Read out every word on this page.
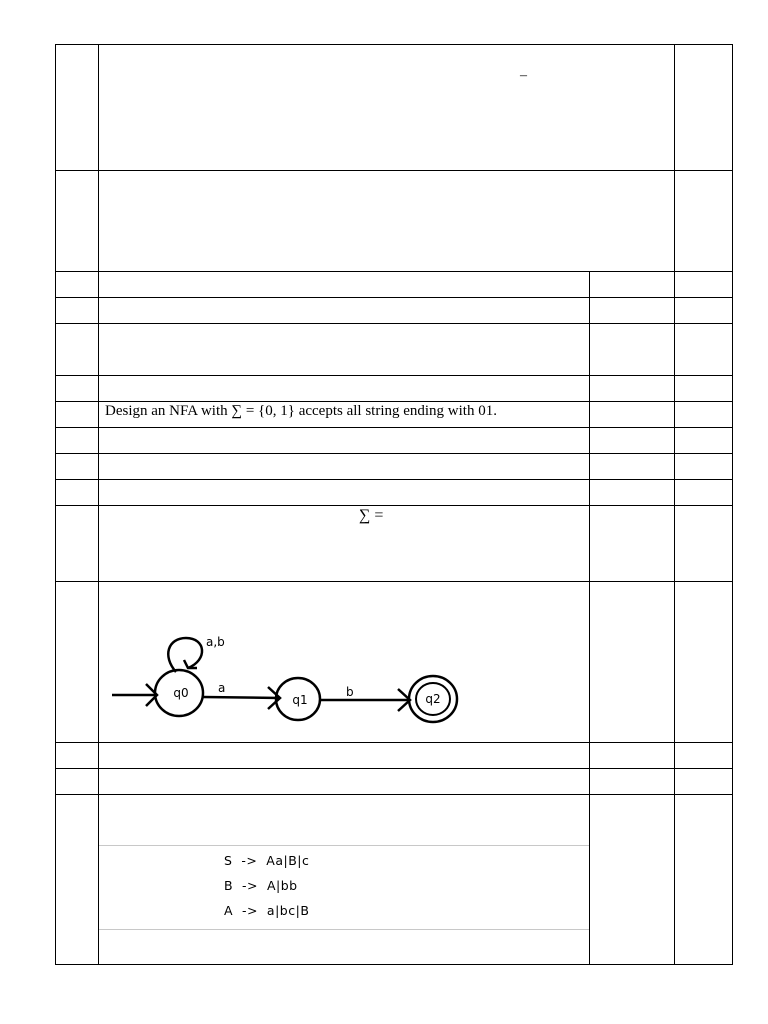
–
Design an NFA with ∑ = {0, 1} accepts all string ending with 01.
∑ =
q0
a,b
a
q1
b	q2
S  ->  Aa|B|c
B  ->  A|bb
A  ->  a|bc|B
